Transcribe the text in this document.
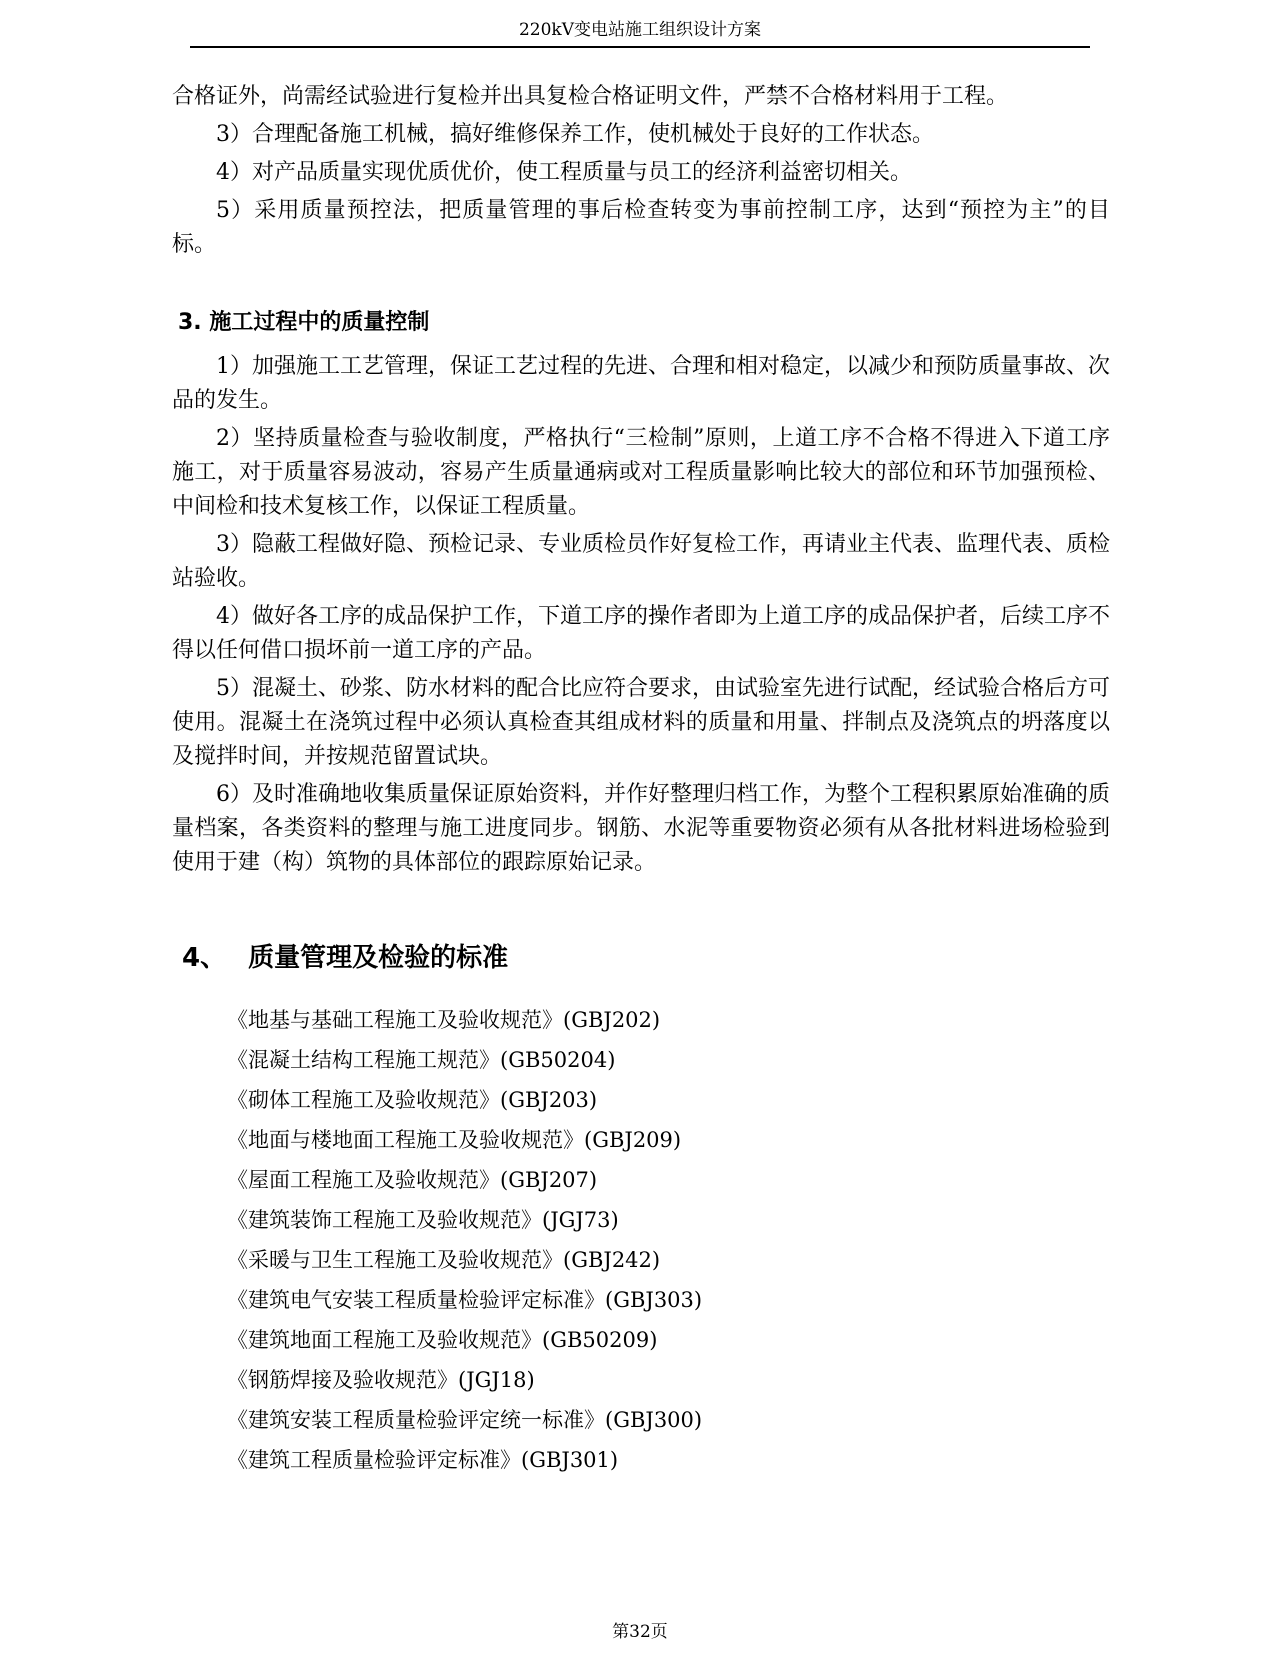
220kV变电站施工组织设计方案

合格证外，尚需经试验进行复检并出具复检合格证明文件，严禁不合格材料用于工程。

3）合理配备施工机械，搞好维修保养工作，使机械处于良好的工作状态。

4）对产品质量实现优质优价，使工程质量与员工的经济利益密切相关。

5）采用质量预控法，把质量管理的事后检查转变为事前控制工序，达到“预控为主”的目标。

3. 施工过程中的质量控制

1）加强施工工艺管理，保证工艺过程的先进、合理和相对稳定，以减少和预防质量事故、次品的发生。

2）坚持质量检查与验收制度，严格执行“三检制”原则，上道工序不合格不得进入下道工序施工，对于质量容易波动，容易产生质量通病或对工程质量影响比较大的部位和环节加强预检、中间检和技术复核工作，以保证工程质量。

3）隐蔽工程做好隐、预检记录、专业质检员作好复检工作，再请业主代表、监理代表、质检站验收。

4）做好各工序的成品保护工作，下道工序的操作者即为上道工序的成品保护者，后续工序不得以任何借口损坏前一道工序的产品。

5）混凝土、砂浆、防水材料的配合比应符合要求，由试验室先进行试配，经试验合格后方可使用。混凝土在浇筑过程中必须认真检查其组成材料的质量和用量、拌制点及浇筑点的坍落度以及搅拌时间，并按规范留置试块。

6）及时准确地收集质量保证原始资料，并作好整理归档工作，为整个工程积累原始准确的质量档案，各类资料的整理与施工进度同步。钢筋、水泥等重要物资必须有从各批材料进场检验到使用于建（构）筑物的具体部位的跟踪原始记录。

4、 质量管理及检验的标准
《地基与基础工程施工及验收规范》(GBJ202)
《混凝土结构工程施工规范》(GB50204)
《砌体工程施工及验收规范》(GBJ203)
《地面与楼地面工程施工及验收规范》(GBJ209)
《屋面工程施工及验收规范》(GBJ207)
《建筑装饰工程施工及验收规范》(JGJ73)
《采暖与卫生工程施工及验收规范》(GBJ242)
《建筑电气安装工程质量检验评定标准》(GBJ303)
《建筑地面工程施工及验收规范》(GB50209)
《钢筋焊接及验收规范》(JGJ18)
《建筑安装工程质量检验评定统一标准》(GBJ300)
《建筑工程质量检验评定标准》(GBJ301)
第32页
